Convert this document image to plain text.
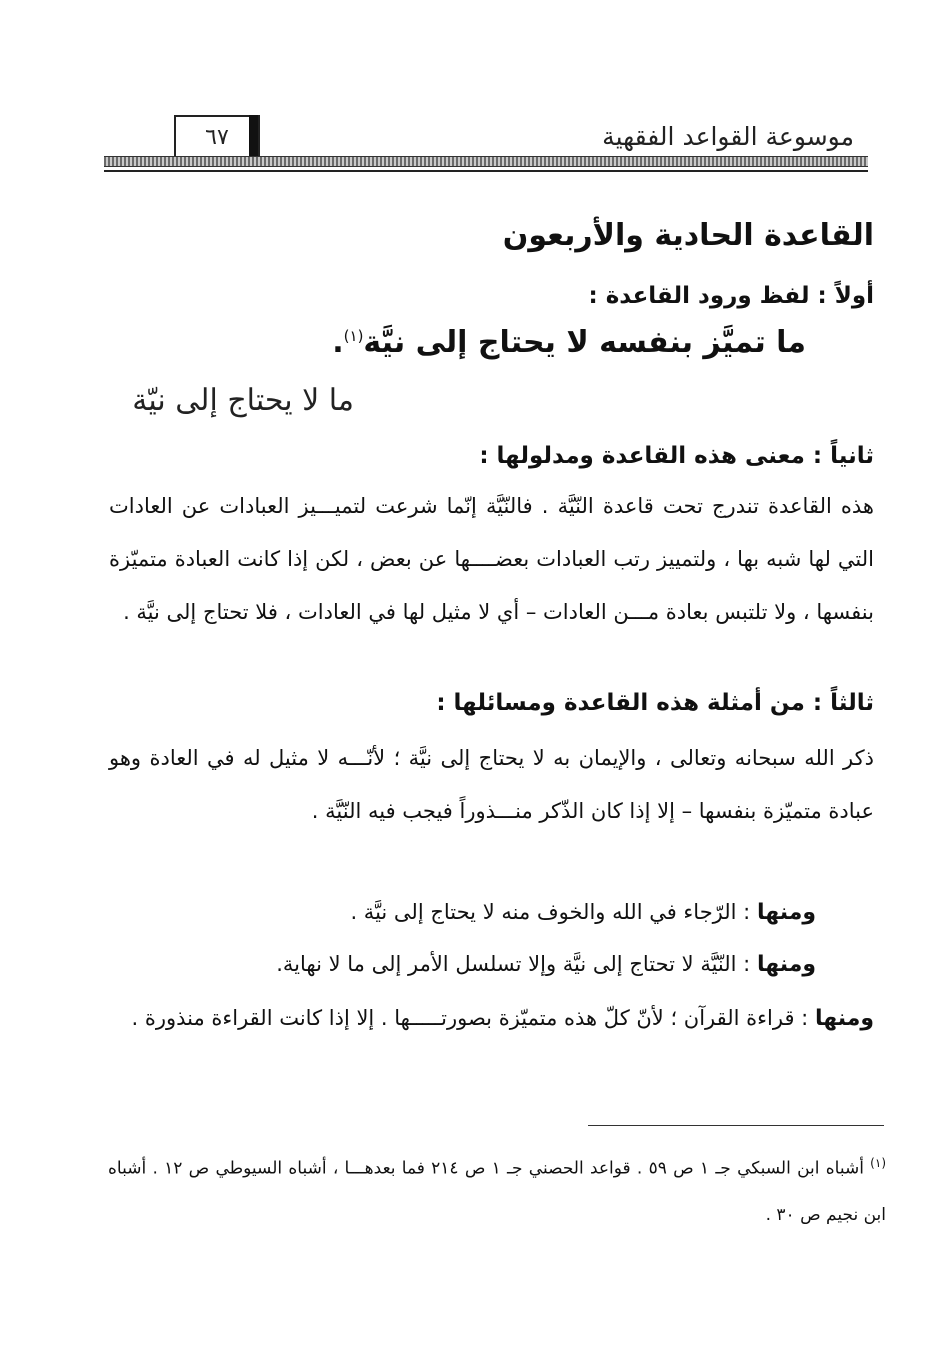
موسوعة القواعد الفقهية
٦٧
القاعدة الحادية والأربعون
أولاً : لفظ ورود القاعدة :
ما تميَّز بنفسه لا يحتاج إلى نيَّة$^{(١)}$.
ما لا يحتاج إلى نيّة
ثانياً : معنى هذه القاعدة ومدلولها :
هذه القاعدة تندرج تحت قاعدة النّيَّة . فالنّيَّة إنّما شرعت لتميـــيز العبادات عن العادات التي لها شبه بها ، ولتمييز رتب العبادات بعضــــها عن بعض ، لكن إذا كانت العبادة متميّزة بنفسها ، ولا تلتبس بعادة مـــن العادات – أي لا مثيل لها في العادات ، فلا تحتاج إلى نيَّة .
ثالثاً : من أمثلة هذه القاعدة ومسائلها :
ذكر الله سبحانه وتعالى ، والإيمان به لا يحتاج إلى نيَّة ؛ لأنّـــه لا مثيل له في العادة وهو عبادة متميّزة بنفسها – إلا إذا كان الذّكر منـــذوراً فيجب فيه النّيَّة .
ومنها : الرّجاء في الله والخوف منه لا يحتاج إلى نيَّة .
ومنها : النّيَّة لا تحتاج إلى نيَّة وإلا تسلسل الأمر إلى ما لا نهاية.
ومنها : قراءة القرآن ؛ لأنّ كلّ هذه متميّزة بصورتـــــها . إلا إذا كانت القراءة منذورة .
$^{(١)}$ أشباه ابن السبكي جـ ١ ص ٥٩ . قواعد الحصني جـ ١ ص ٢١٤ فما بعدهـــا ، أشباه السيوطي ص ١٢ . أشباه ابن نجيم ص ٣٠ .
